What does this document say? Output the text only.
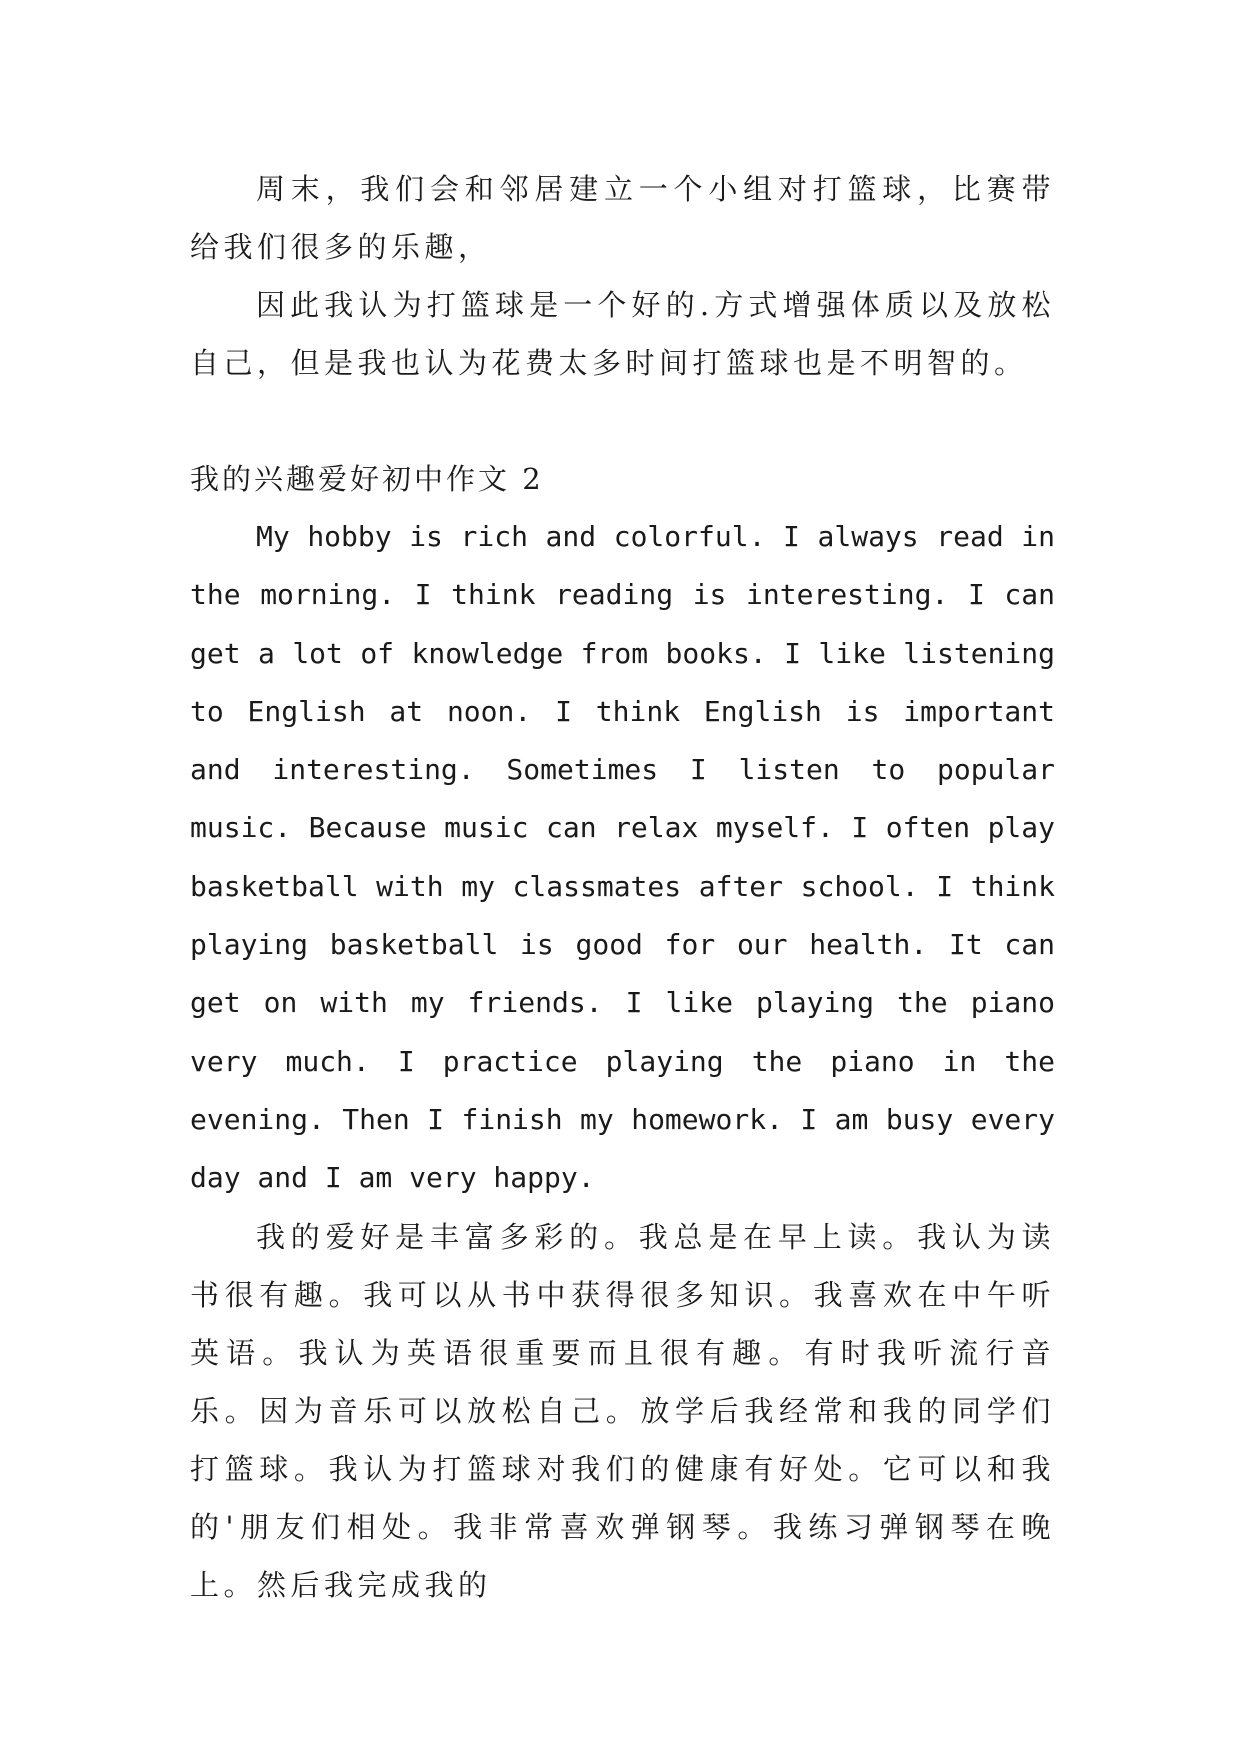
周末，我们会和邻居建立一个小组对打篮球，比赛带给我们很多的乐趣，

因此我认为打篮球是一个好的.方式增强体质以及放松自己，但是我也认为花费太多时间打篮球也是不明智的。

我的兴趣爱好初中作文 2

My hobby is rich and colorful. I always read in the morning. I think reading is interesting. I can get a lot of knowledge from books. I like listening to English at noon. I think English is important and interesting. Sometimes I listen to popular music. Because music can relax myself. I often play basketball with my classmates after school. I think playing basketball is good for our health. It can get on with my friends. I like playing the piano very much. I practice playing the piano in the evening. Then I finish my homework. I am busy every day and I am very happy.

我的爱好是丰富多彩的。我总是在早上读。我认为读书很有趣。我可以从书中获得很多知识。我喜欢在中午听英语。我认为英语很重要而且很有趣。有时我听流行音乐。因为音乐可以放松自己。放学后我经常和我的同学们打篮球。我认为打篮球对我们的健康有好处。它可以和我的'朋友们相处。我非常喜欢弹钢琴。我练习弹钢琴在晚上。然后我完成我的
